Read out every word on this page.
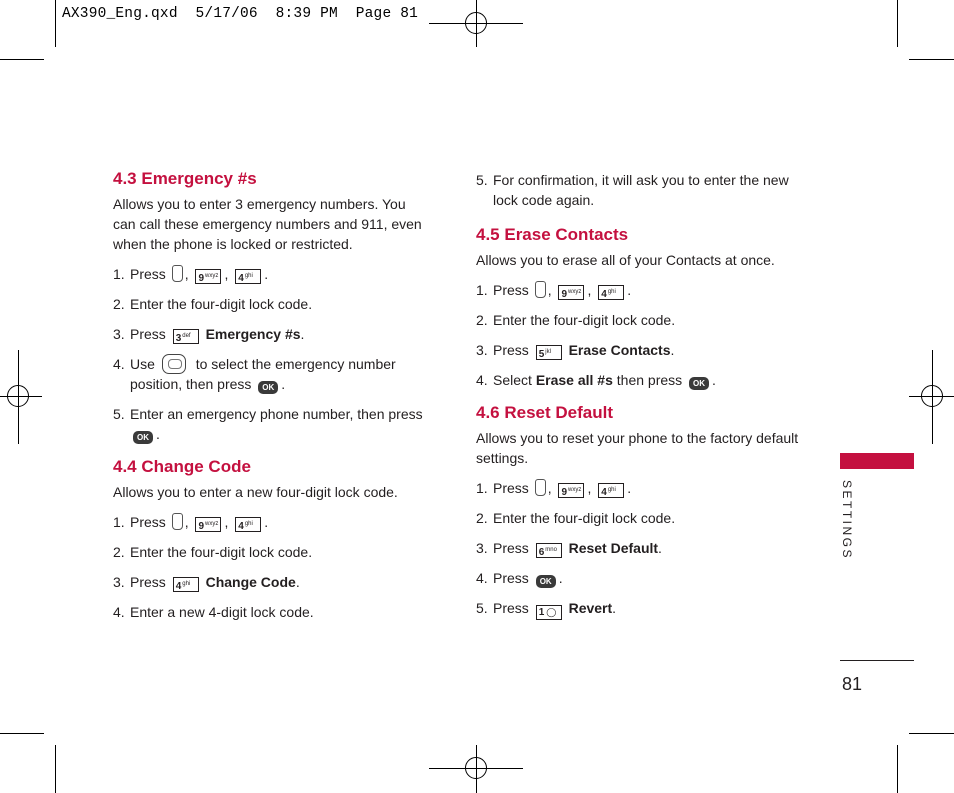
AX390_Eng.qxd  5/17/06  8:39 PM  Page 81
4.3 Emergency #s

Allows you to enter 3 emergency numbers. You can call these emergency numbers and 911, even when the phone is locked or restricted.

1. Press , $9^{wxyz}$ , $4^{ghi}$ .

2. Enter the four-digit lock code.

3. Press $3^{def}$ Emergency #s.

4. Use	to select the emergency number position, then press OK .

5. Enter an emergency phone number, then press OK .

4.4 Change Code

Allows you to enter a new four-digit lock code.

1. Press , $9^{wxyz}$ , $4^{ghi}$ .

2. Enter the four-digit lock code.

3. Press $4^{ghi}$ Change Code.

4. Enter a new 4-digit lock code.

5. For confirmation, it will ask you to enter the new lock code again.

4.5 Erase Contacts

Allows you to erase all of your Contacts at once.

1. Press , $9^{wxyz}$ , $4^{ghi}$ .

2. Enter the four-digit lock code.

3. Press $5^{jkl}$ Erase Contacts.

4. Select Erase all #s then press OK .

4.6 Reset Default

Allows you to reset your phone to the factory default settings.

1. Press , $9^{wxyz}$ , $4^{ghi}$ .

2. Enter the four-digit lock code.

3. Press $6^{mno}$ Reset Default.

4. Press OK .

5. Press 1 ◯ Revert.

SETTINGS
81
